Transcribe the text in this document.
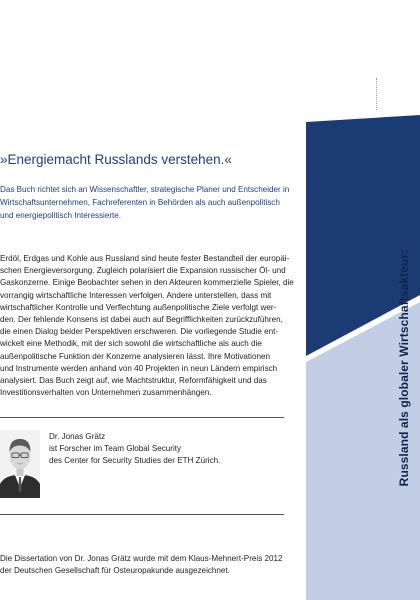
Russland als globaler Wirtschaftsakteur:
»Energiemacht Russlands verstehen.«
Das Buch richtet sich an Wissenschaftler, strategische Planer und Entscheider in
Wirtschaftsunternehmen, Fachreferenten in Behörden als auch außenpolitisch
und energiepolitisch Interessierte.
Erdöl, Erdgas und Kohle aus Russland sind heute fester Bestandteil der europäi-
schen Energieversorgung. Zugleich polarisiert die Expansion russischer Öl- und
Gaskonzerne. Einige Beobachter sehen in den Akteuren kommerzielle Spieler, die
vorrangig wirtschaftliche Interessen verfolgen. Andere unterstellen, dass mit
wirtschaftlicher Kontrolle und Verflechtung außenpolitische Ziele verfolgt wer-
den. Der fehlende Konsens ist dabei auch auf Begrifflichkeiten zurückzuführen,
die einen Dialog beider Perspektiven erschweren. Die vorliegende Studie ent-
wickelt eine Methodik, mit der sich sowohl die wirtschaftliche als auch die
außenpolitische Funktion der Konzerne analysieren lässt. Ihre Motivationen
und Instrumente werden anhand von 40 Projekten in neun Ländern empirisch
analysiert. Das Buch zeigt auf, wie Machtstruktur, Reformfähigkeit und das
Investitionsverhalten von Unternehmen zusammenhängen.
Dr. Jonas Grätz
ist Forscher im Team Global Security
des Center for Security Studies der ETH Zürich.
Die Dissertation von Dr. Jonas Grätz wurde mit dem Klaus-Mehnert-Preis 2012
der Deutschen Gesellschaft für Osteuropakunde ausgezeichnet.
